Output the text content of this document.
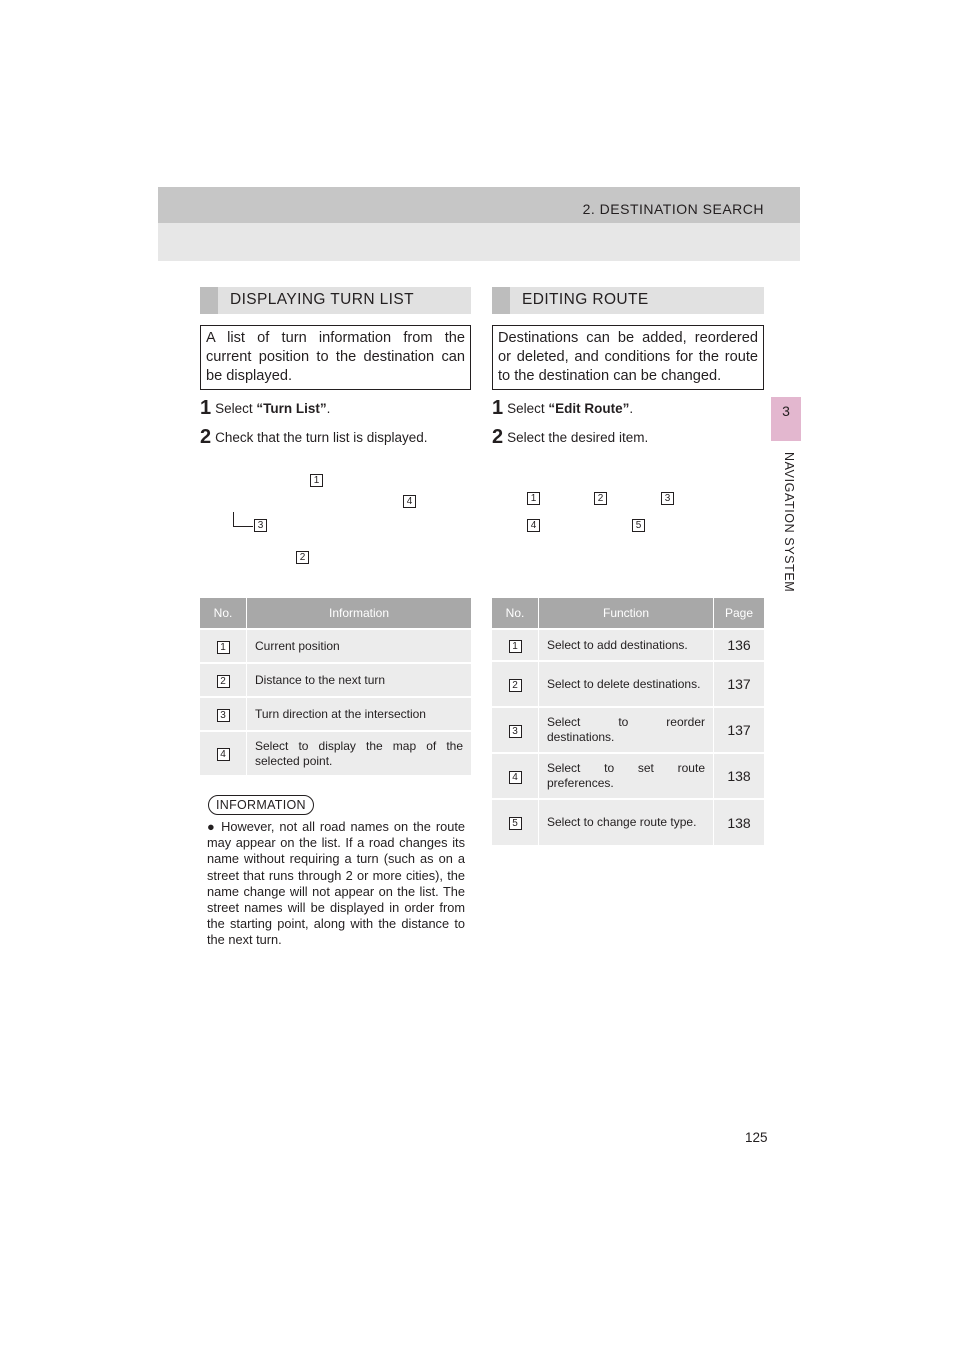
2. DESTINATION SEARCH
3
NAVIGATION SYSTEM
DISPLAYING TURN LIST
A list of turn information from the current position to the destination can be displayed.
1 Select “Turn List”.
2 Check that the turn list is displayed.
1
4
3
2
No.	Information
1	Current position
2	Distance to the next turn
3	Turn direction at the intersection
4	Select to display the map of the selected point.
INFORMATION
● However, not all road names on the route may appear on the list. If a road changes its name without requiring a turn (such as on a street that runs through 2 or more cities), the name change will not appear on the list. The street names will be displayed in order from the starting point, along with the distance to the next turn.
EDITING ROUTE
Destinations can be added, reordered or deleted, and conditions for the route to the destination can be changed.
1 Select “Edit Route”.
2 Select the desired item.
1	2	3
4	5
No.	Function	Page
1	Select to add destinations.	136
2	Select to delete destinations.	137
3	Select to reorder destinations.	137
4	Select to set route preferences.	138
5	Select to change route type.	138
125
